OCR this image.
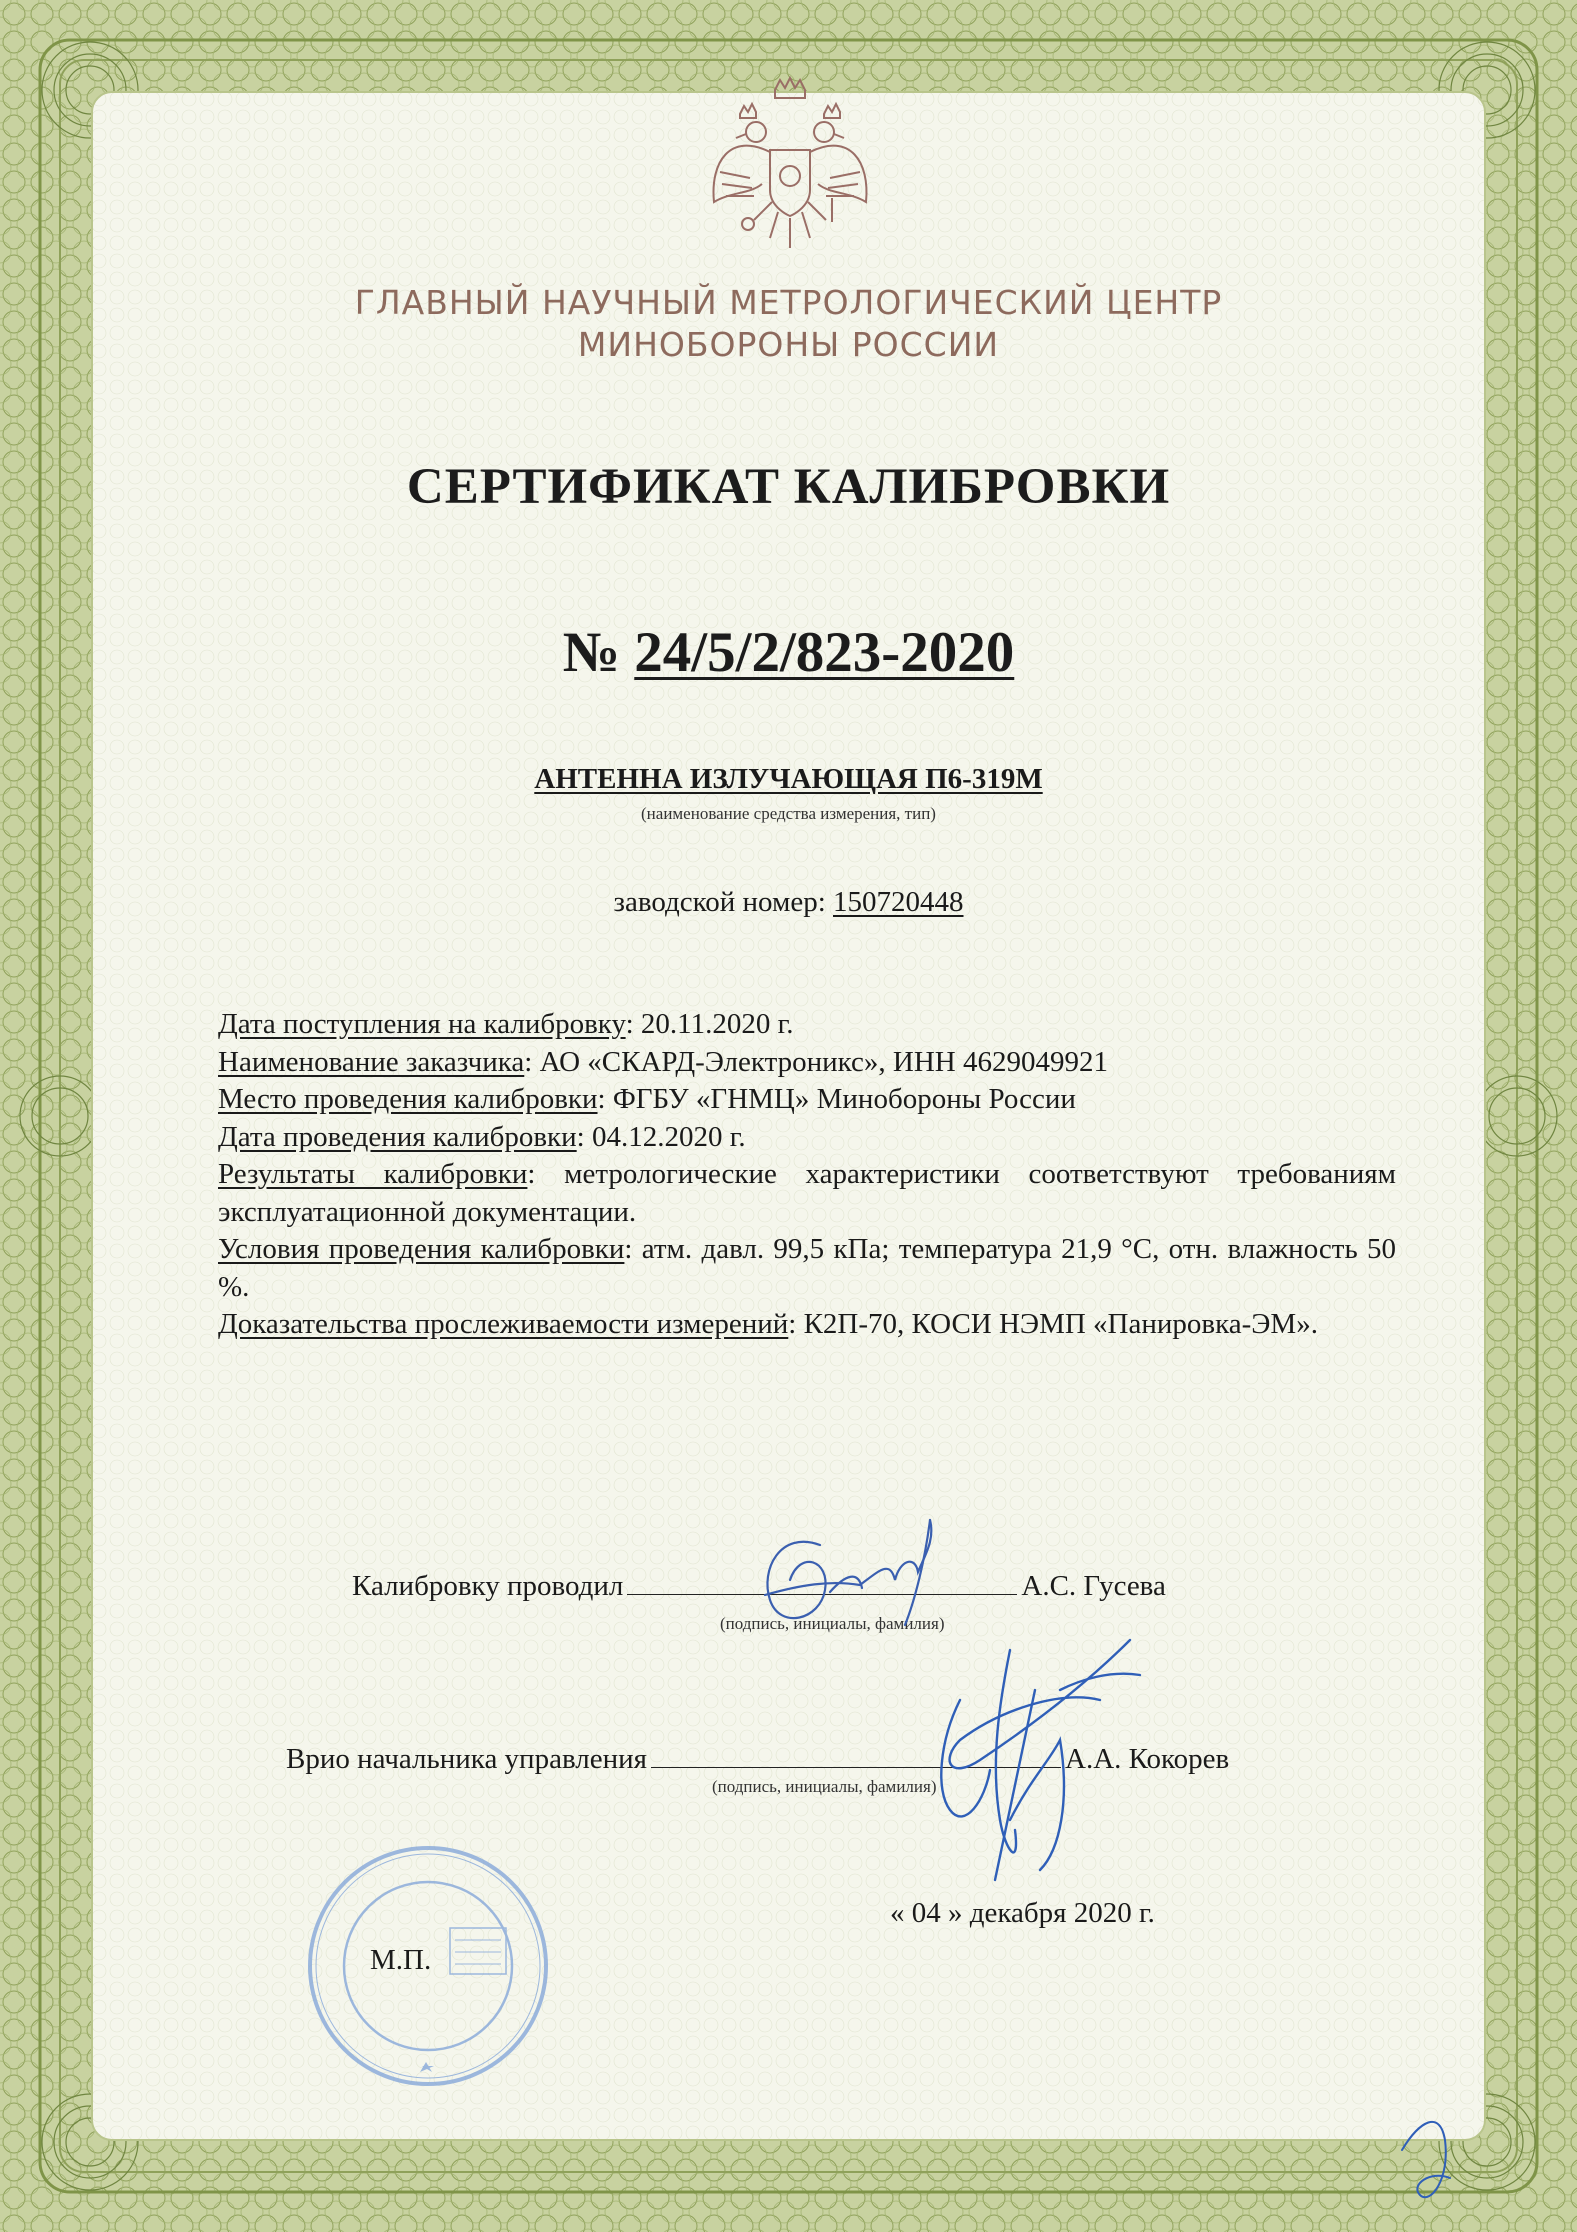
ГЛАВНЫЙ НАУЧНЫЙ МЕТРОЛОГИЧЕСКИЙ ЦЕНТР
МИНОБОРОНЫ РОССИИ
СЕРТИФИКАТ КАЛИБРОВКИ
№ 24/5/2/823-2020
АНТЕННА ИЗЛУЧАЮЩАЯ П6-319М
(наименование средства измерения, тип)
заводской номер: 150720448
Дата поступления на калибровку: 20.11.2020 г.
Наименование заказчика: АО «СКАРД-Электроникс», ИНН 4629049921
Место проведения калибровки: ФГБУ «ГНМЦ» Минобороны России
Дата проведения калибровки: 04.12.2020 г.
Результаты калибровки: метрологические характеристики соответствуют требованиям эксплуатационной документации.
Условия проведения калибровки: атм. давл. 99,5 кПа; температура 21,9 °С, отн. влажность 50 %.
Доказательства прослеживаемости измерений: К2П-70, КОСИ НЭМП «Панировка-ЭМ».
Калибровку проводил	А.С. Гусева
(подпись, инициалы, фамилия)
Врио начальника управления	А.А. Кокорев
(подпись, инициалы, фамилия)
« 04 » декабря 2020 г.
М.П.
